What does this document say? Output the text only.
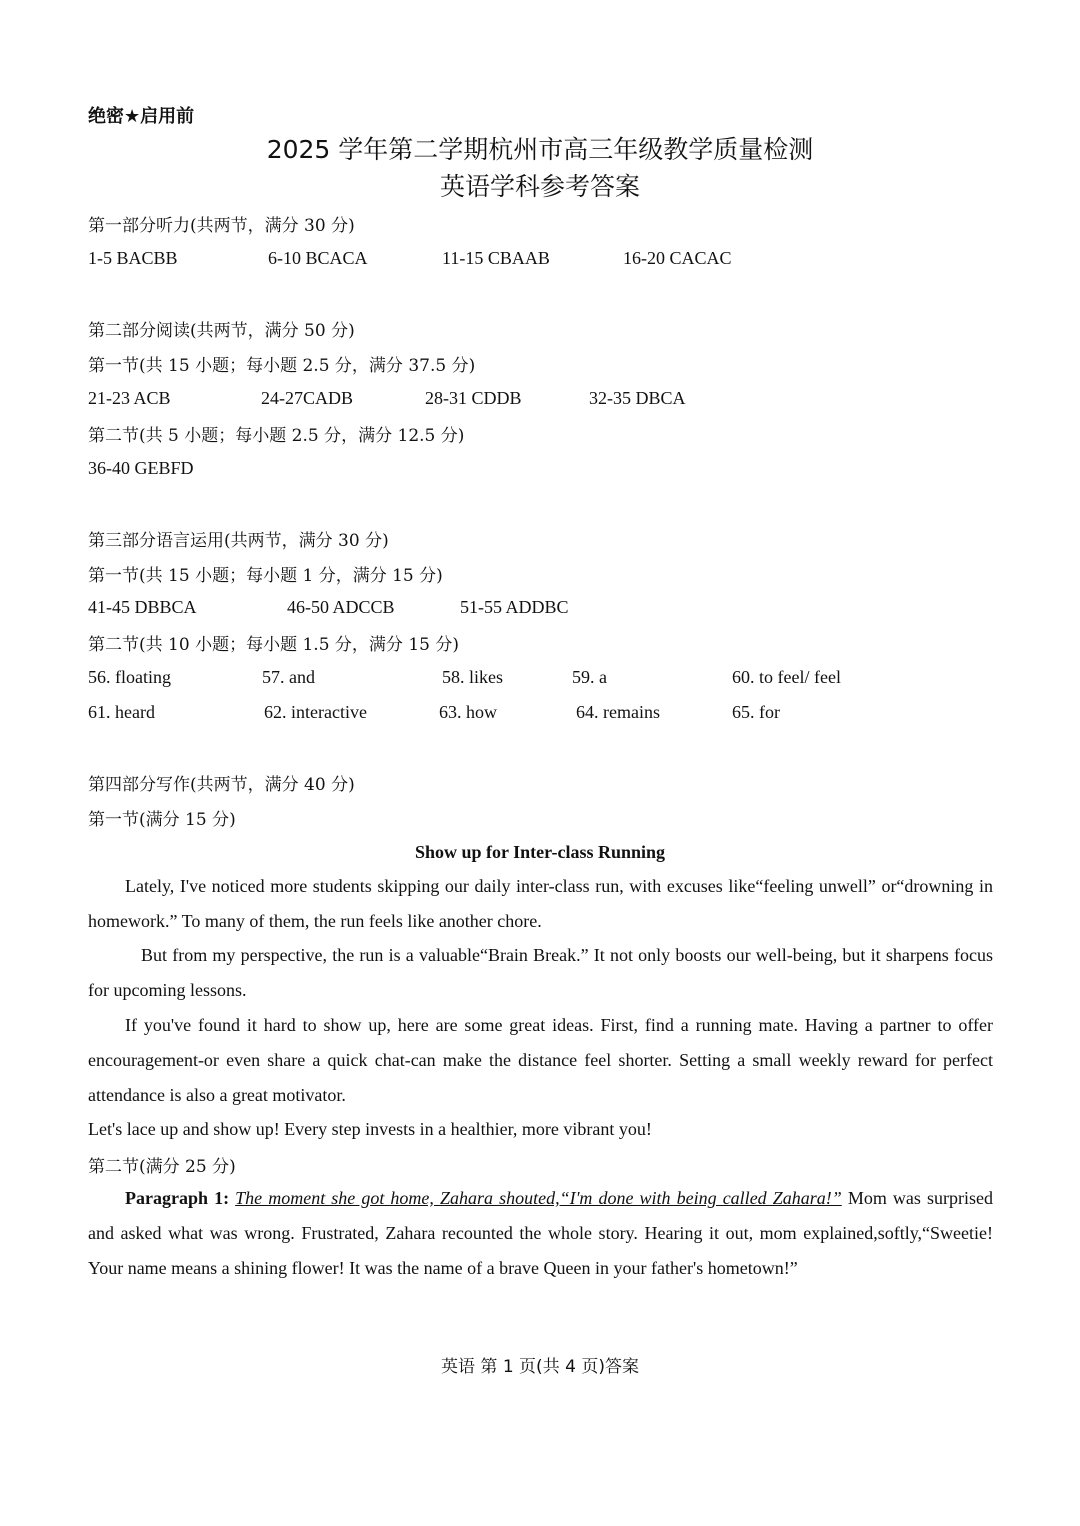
绝密★启用前
2025 学年第二学期杭州市高三年级教学质量检测
英语学科参考答案
第一部分听力(共两节，满分 30 分)
1-5 BACBB	6-10 BCACA	11-15 CBAAB	16-20 CACAC
第二部分阅读(共两节，满分 50 分)
第一节(共 15 小题；每小题 2.5 分，满分 37.5 分)
21-23 ACB	24-27CADB	28-31 CDDB	32-35 DBCA
第二节(共 5 小题；每小题 2.5 分，满分 12.5 分)
36-40 GEBFD
第三部分语言运用(共两节，满分 30 分)
第一节(共 15 小题；每小题 1 分，满分 15 分)
41-45 DBBCA	46-50 ADCCB	51-55 ADDBC
第二节(共 10 小题；每小题 1.5 分，满分 15 分)
56. floating	57. and	58. likes	59. a	60. to feel/ feel
61. heard	62. interactive	63. how	64. remains	65. for
第四部分写作(共两节，满分 40 分)
第一节(满分 15 分)
Show up for Inter-class Running
Lately, I've noticed more students skipping our daily inter-class run, with excuses like“feeling unwell” or“drowning in homework.” To many of them, the run feels like another chore.
But from my perspective, the run is a valuable“Brain Break.” It not only boosts our well-being, but it sharpens focus for upcoming lessons.
If you've found it hard to show up, here are some great ideas. First, find a running mate. Having a partner to offer encouragement-or even share a quick chat-can make the distance feel shorter. Setting a small weekly reward for perfect attendance is also a great motivator.
Let's lace up and show up! Every step invests in a healthier, more vibrant you!
第二节(满分 25 分)
Paragraph 1: The moment she got home, Zahara shouted,“I'm done with being called Zahara!” Mom was surprised and asked what was wrong. Frustrated, Zahara recounted the whole story. Hearing it out, mom explained,softly,“Sweetie! Your name means a shining flower! It was the name of a brave Queen in your father's hometown!”
英语 第 1 页(共 4 页)答案
